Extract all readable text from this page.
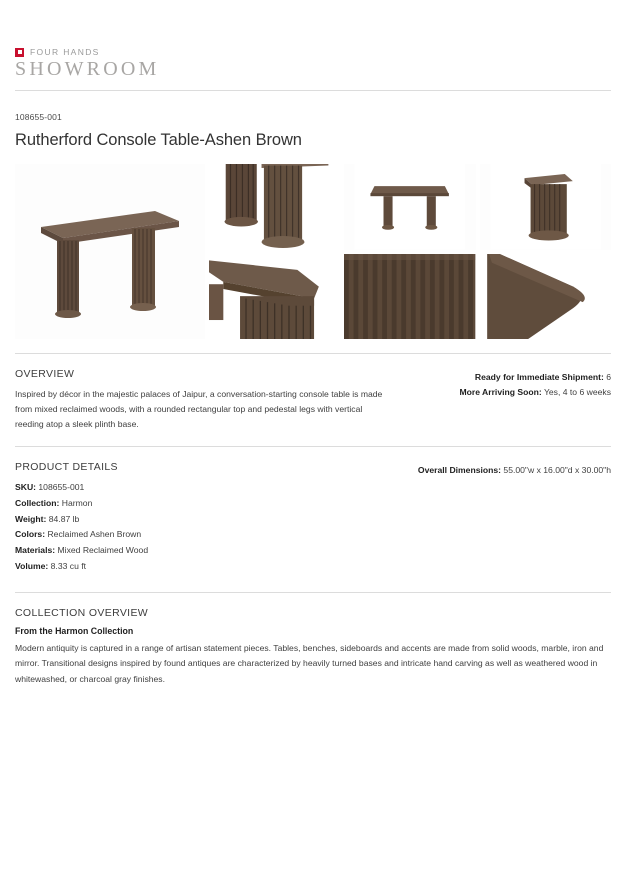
FOUR HANDS
SHOWROOM
108655-001
Rutherford Console Table-Ashen Brown
OVERVIEW
Inspired by décor in the majestic palaces of Jaipur, a conversation-starting console table is made from mixed reclaimed woods, with a rounded rectangular top and pedestal legs with vertical reeding atop a sleek plinth base.
Ready for Immediate Shipment: 6
More Arriving Soon: Yes, 4 to 6 weeks
PRODUCT DETAILS
SKU: 108655-001
Collection: Harmon
Weight: 84.87 lb
Colors: Reclaimed Ashen Brown
Materials: Mixed Reclaimed Wood
Volume: 8.33 cu ft
Overall Dimensions: 55.00"w x 16.00"d x 30.00"h
COLLECTION OVERVIEW
From the Harmon Collection
Modern antiquity is captured in a range of artisan statement pieces. Tables, benches, sideboards and accents are made from solid woods, marble, iron and mirror. Transitional designs inspired by found antiques are characterized by heavily turned bases and intricate hand carving as well as weathered wood in whitewashed, or charcoal gray finishes.
